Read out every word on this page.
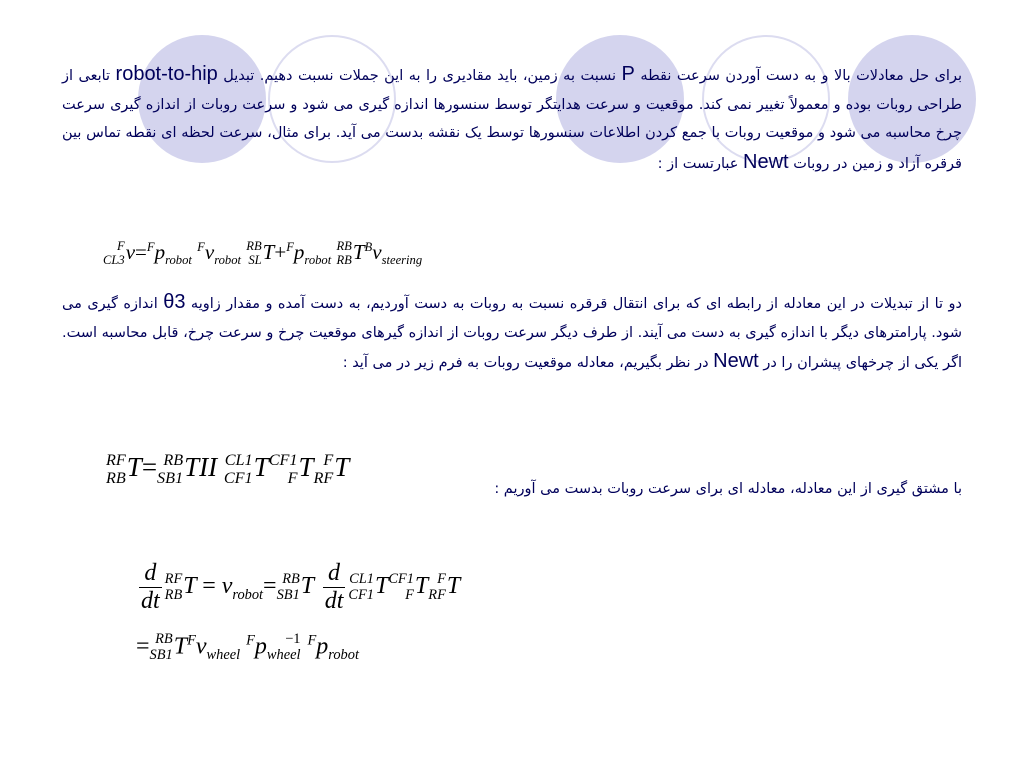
برای حل معادلات بالا و به دست آوردن سرعت نقطه P نسبت به زمین، باید مقادیری را به این جملات نسبت دهیم. تبدیل robot-to-hip تابعی از طراحی روبات بوده و معمولاً تغییر نمی کند. موقعیت و سرعت هدایتگر توسط سنسورها اندازه گیری می شود و سرعت روبات از اندازه گیری سرعت چرخ محاسبه می شود و موقعیت روبات با جمع کردن اطلاعات سنسورها توسط یک نقشه بدست می آید. برای مثال، سرعت لحظه ای نقطه تماس بین قرقره آزاد و زمین در روبات Newt عبارتست از :
F
CL3 $v=^Fp_{robot}$ $^Fv_{robot}$
RB
SL $T+^Fp_{robot}$
RB
RB $T^Bv_{steering}$
دو تا از تبدیلات در این معادله از رابطه ای که برای انتقال قرقره نسبت به روبات به دست آوردیم، به دست آمده و مقدار زاویه θ3 اندازه گیری می شود. پارامترهای دیگر با اندازه گیری به دست می آیند. از طرف دیگر سرعت روبات از اندازه گیرهای موقعیت چرخ و سرعت چرخ، قابل محاسبه است. اگر یکی از چرخهای پیشران را در Newt در نظر بگیریم، معادله موقعیت روبات به فرم زیر در می آید :
RF
RB T= RB
SB1 TII CL1
CF1 T CF1
F T F
RF T
با مشتق گیری از این معادله، معادله ای برای سرعت روبات بدست می آوریم :
$\frac{d}{dt}$ RF
RB $T = v_{robot}=$ RB
SB1 T $\frac{d}{dt} CL1$
CF1 T CF1
F T F
RF T
= RB
SB1 $T^Fv_{wheel}$ $^F$p	−1
wheel
$^Fp_{robot}$
